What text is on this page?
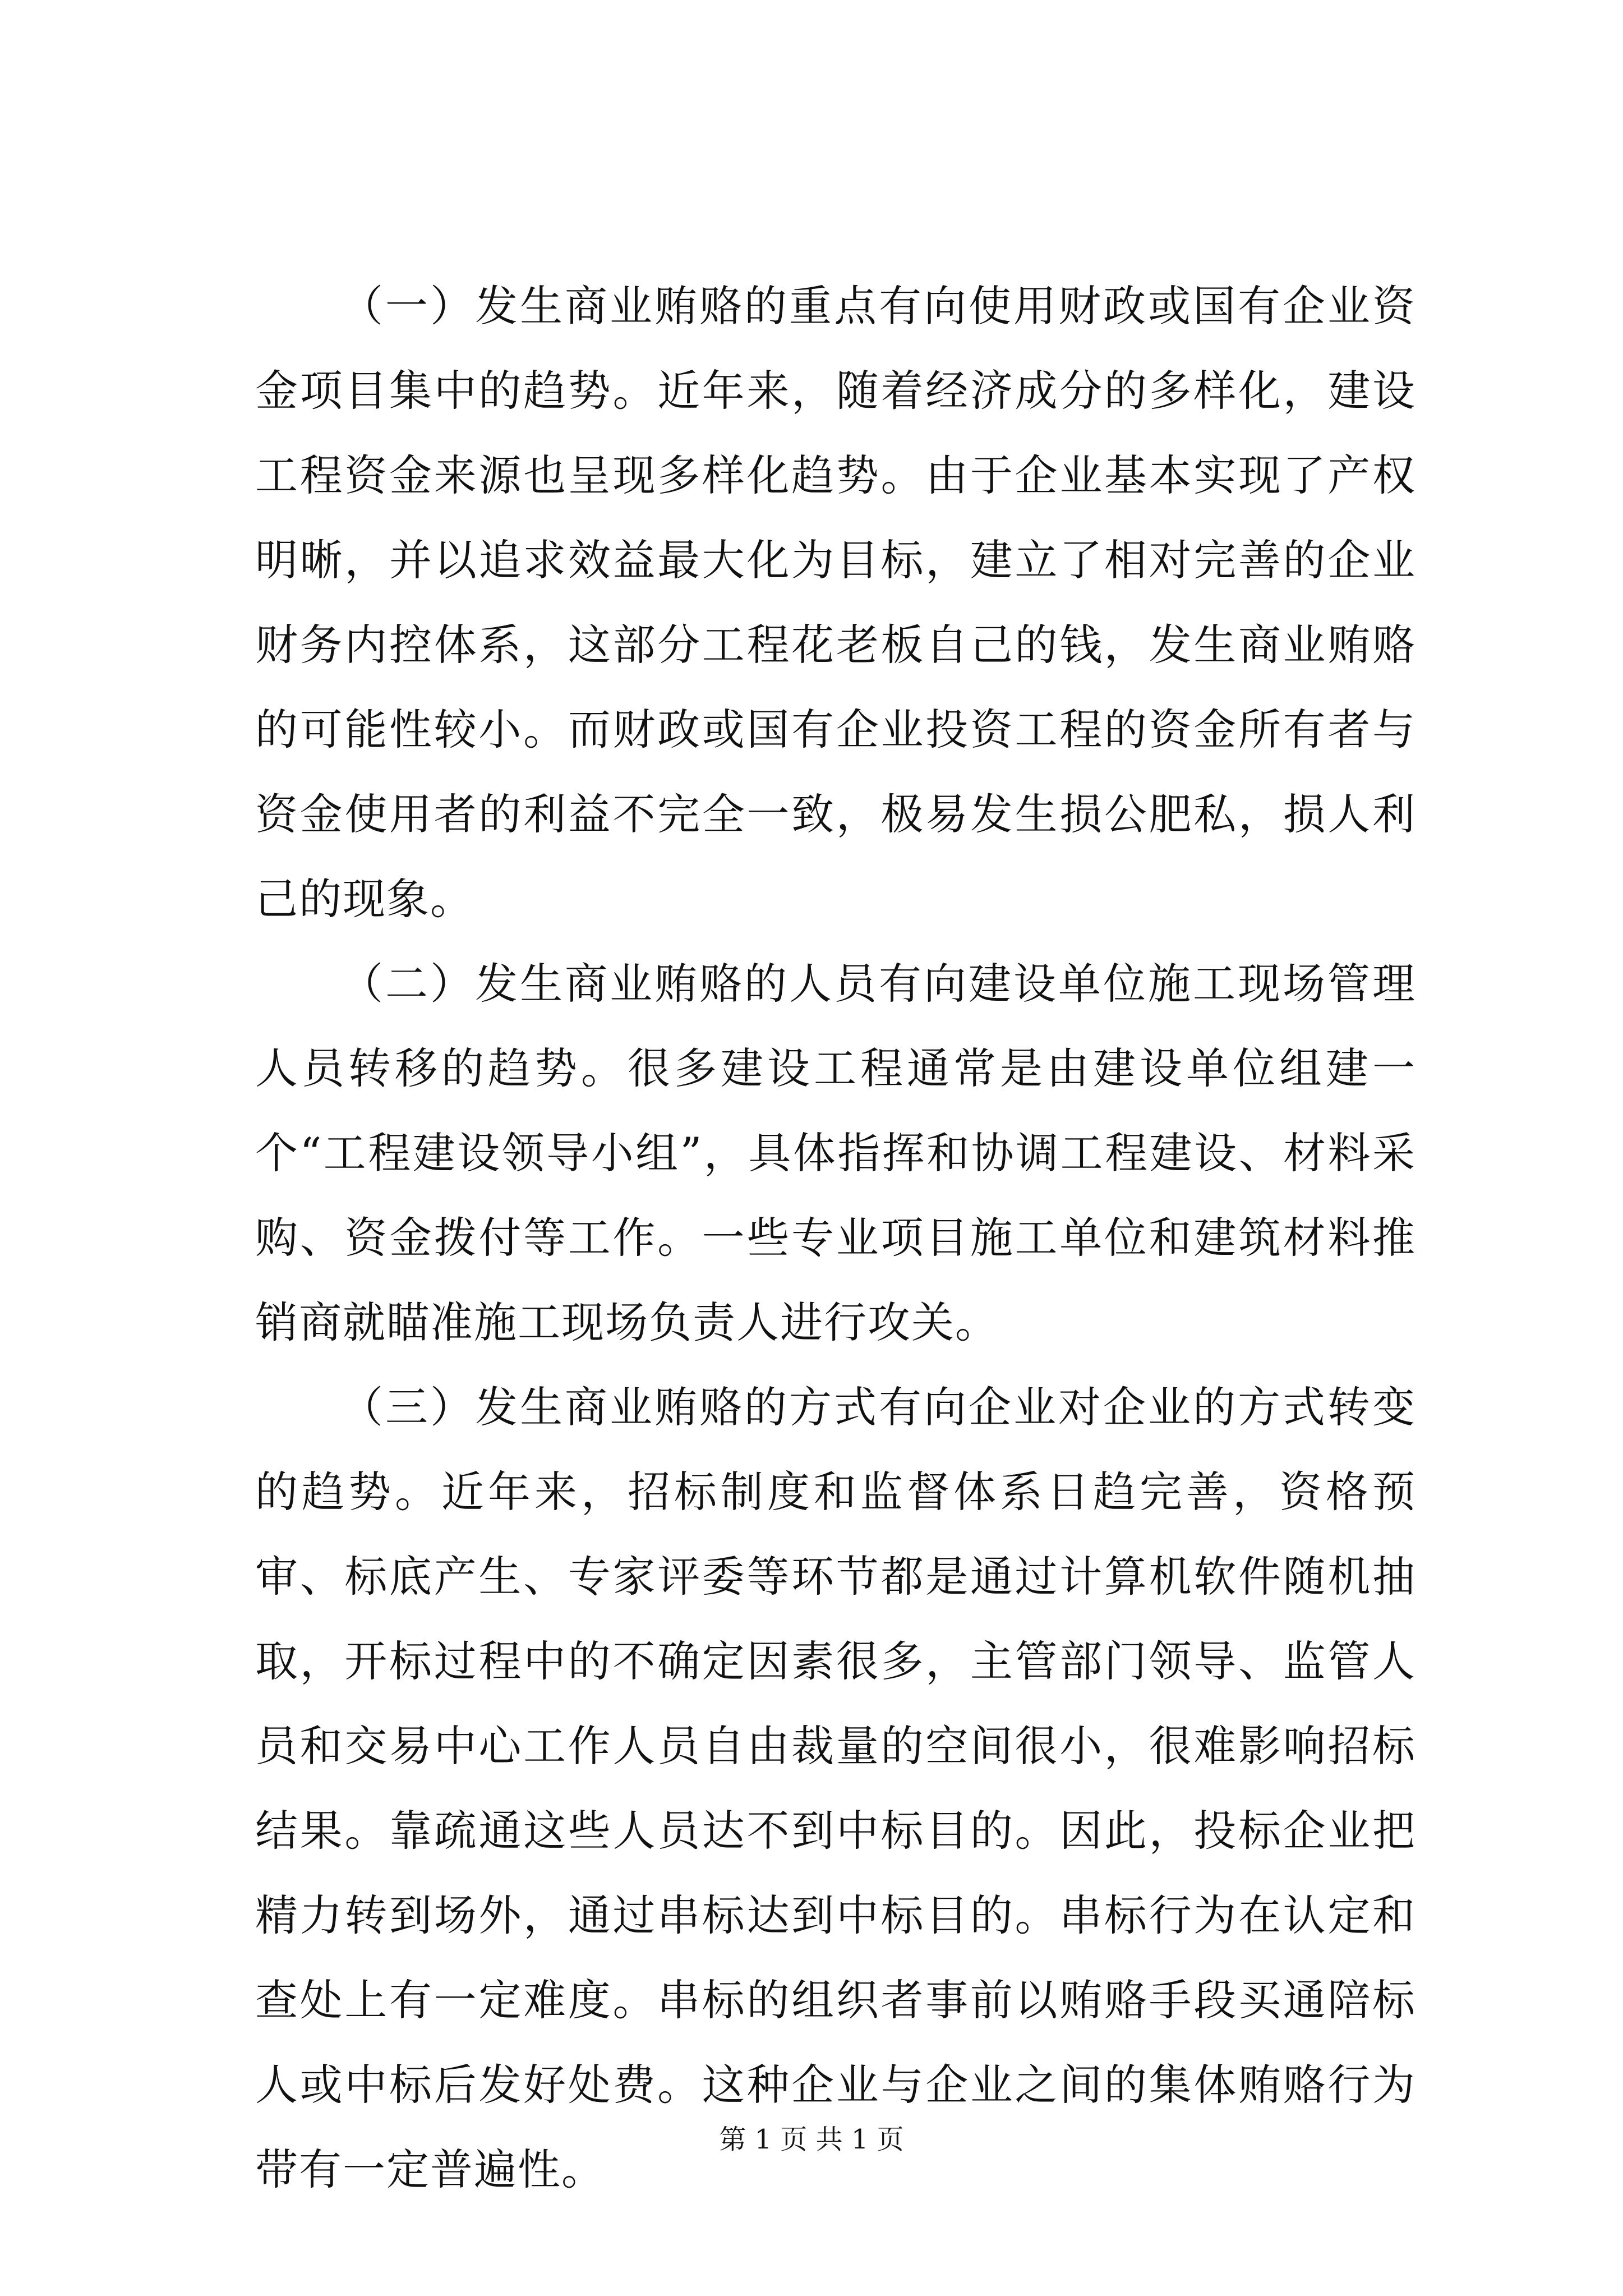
（一）发生商业贿赂的重点有向使用财政或国有企业资金项目集中的趋势。近年来，随着经济成分的多样化，建设工程资金来源也呈现多样化趋势。由于企业基本实现了产权明晰，并以追求效益最大化为目标，建立了相对完善的企业财务内控体系，这部分工程花老板自己的钱，发生商业贿赂的可能性较小。而财政或国有企业投资工程的资金所有者与资金使用者的利益不完全一致，极易发生损公肥私，损人利己的现象。

（二）发生商业贿赂的人员有向建设单位施工现场管理人员转移的趋势。很多建设工程通常是由建设单位组建一个“工程建设领导小组”，具体指挥和协调工程建设、材料采购、资金拨付等工作。一些专业项目施工单位和建筑材料推销商就瞄准施工现场负责人进行攻关。

（三）发生商业贿赂的方式有向企业对企业的方式转变的趋势。近年来，招标制度和监督体系日趋完善，资格预审、标底产生、专家评委等环节都是通过计算机软件随机抽取，开标过程中的不确定因素很多，主管部门领导、监管人员和交易中心工作人员自由裁量的空间很小，很难影响招标结果。靠疏通这些人员达不到中标目的。因此，投标企业把精力转到场外，通过串标达到中标目的。串标行为在认定和查处上有一定难度。串标的组织者事前以贿赂手段买通陪标人或中标后发好处费。这种企业与企业之间的集体贿赂行为带有一定普遍性。

第 1 页 共 1 页
